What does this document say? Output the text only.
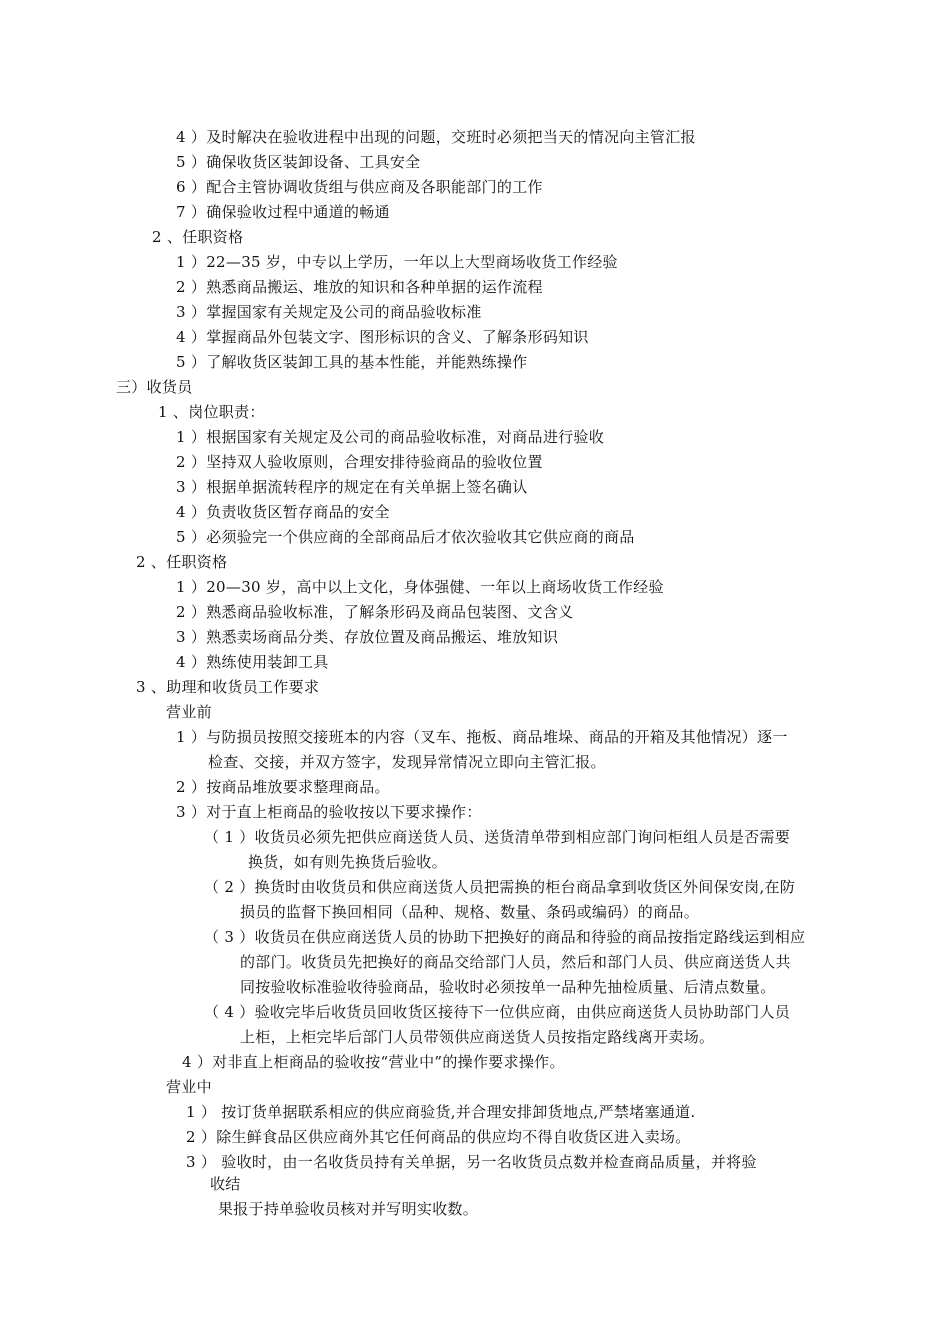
4 ）及时解决在验收进程中出现的问题，交班时必须把当天的情况向主管汇报
5 ）确保收货区装卸设备、工具安全
6 ）配合主管协调收货组与供应商及各职能部门的工作
7 ）确保验收过程中通道的畅通
2 、任职资格
1 ）22—35 岁，中专以上学历，一年以上大型商场收货工作经验
2 ）熟悉商品搬运、堆放的知识和各种单据的运作流程
3 ）掌握国家有关规定及公司的商品验收标准
4 ）掌握商品外包装文字、图形标识的含义、了解条形码知识
5 ）了解收货区装卸工具的基本性能，并能熟练操作
三）收货员
1 、岗位职责：
1 ）根据国家有关规定及公司的商品验收标准，对商品进行验收
2 ）坚持双人验收原则，合理安排待验商品的验收位置
3 ）根据单据流转程序的规定在有关单据上签名确认
4 ）负责收货区暂存商品的安全
5 ）必须验完一个供应商的全部商品后才依次验收其它供应商的商品
2 、任职资格
1 ）20—30 岁，高中以上文化，身体强健、一年以上商场收货工作经验
2 ）熟悉商品验收标准，了解条形码及商品包装图、文含义
3 ）熟悉卖场商品分类、存放位置及商品搬运、堆放知识
4 ）熟练使用装卸工具
3 、助理和收货员工作要求
营业前
1 ）与防损员按照交接班本的内容（叉车、拖板、商品堆垛、商品的开箱及其他情况）逐一
检查、交接，并双方签字，发现异常情况立即向主管汇报。
2 ）按商品堆放要求整理商品。
3 ）对于直上柜商品的验收按以下要求操作：
（ 1 ）收货员必须先把供应商送货人员、送货清单带到相应部门询问柜组人员是否需要
换货，如有则先换货后验收。
（ 2 ）换货时由收货员和供应商送货人员把需换的柜台商品拿到收货区外间保安岗,在防
损员的监督下换回相同（品种、规格、数量、条码或编码）的商品。
（ 3 ）收货员在供应商送货人员的协助下把换好的商品和待验的商品按指定路线运到相应
的部门。收货员先把换好的商品交给部门人员，然后和部门人员、供应商送货人共
同按验收标准验收待验商品，验收时必须按单一品种先抽检质量、后清点数量。
（ 4 ）验收完毕后收货员回收货区接待下一位供应商，由供应商送货人员协助部门人员
上柜，上柜完毕后部门人员带领供应商送货人员按指定路线离开卖场。
4 ）对非直上柜商品的验收按“营业中”的操作要求操作。
营业中
1 ） 按订货单据联系相应的供应商验货,并合理安排卸货地点,严禁堵塞通道.
2 ）除生鲜食品区供应商外其它任何商品的供应均不得自收货区进入卖场。
3 ） 验收时，由一名收货员持有关单据，另一名收货员点数并检查商品质量，并将验
收结
果报于持单验收员核对并写明实收数。
